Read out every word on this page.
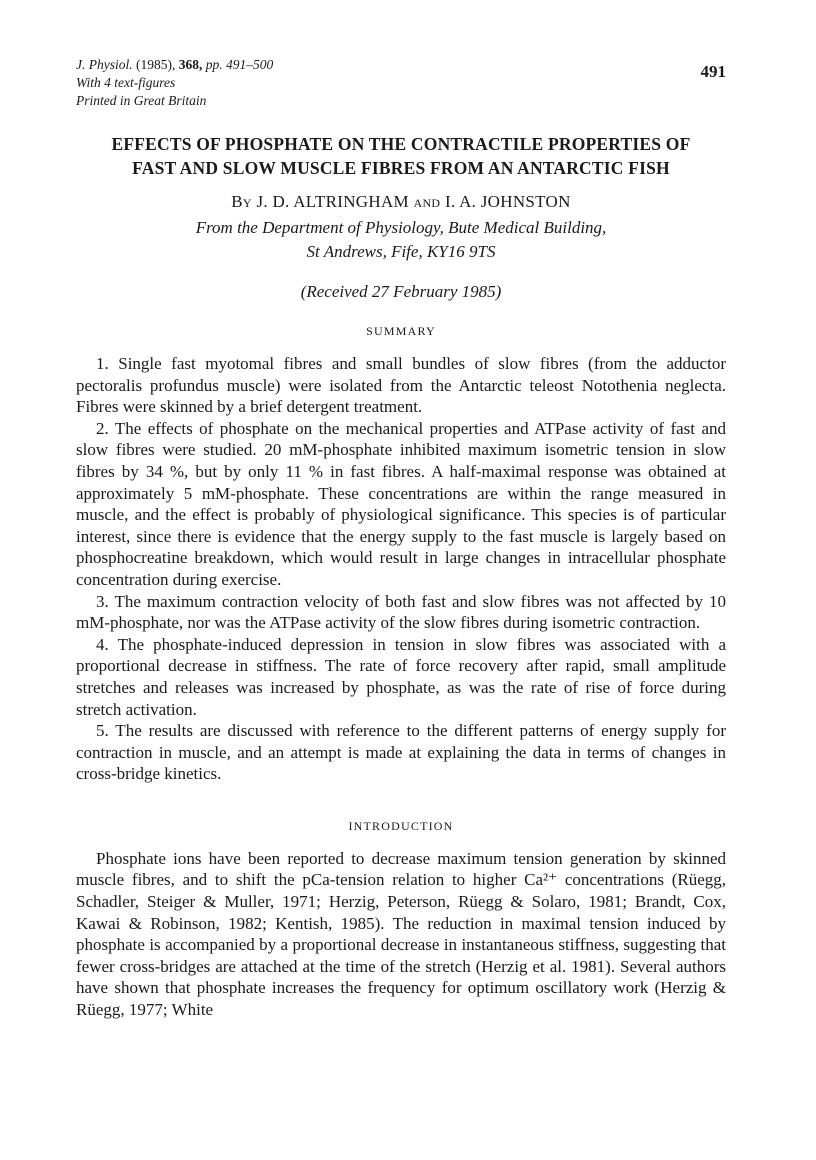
J. Physiol. (1985), 368, pp. 491–500
With 4 text-figures
Printed in Great Britain
491
EFFECTS OF PHOSPHATE ON THE CONTRACTILE PROPERTIES OF
FAST AND SLOW MUSCLE FIBRES FROM AN ANTARCTIC FISH
By J. D. ALTRINGHAM and I. A. JOHNSTON
From the Department of Physiology, Bute Medical Building,
St Andrews, Fife, KY16 9TS
(Received 27 February 1985)
SUMMARY

1. Single fast myotomal fibres and small bundles of slow fibres (from the adductor pectoralis profundus muscle) were isolated from the Antarctic teleost Notothenia neglecta. Fibres were skinned by a brief detergent treatment.

2. The effects of phosphate on the mechanical properties and ATPase activity of fast and slow fibres were studied. 20 mM-phosphate inhibited maximum isometric tension in slow fibres by 34 %, but by only 11 % in fast fibres. A half-maximal response was obtained at approximately 5 mM-phosphate. These concentrations are within the range measured in muscle, and the effect is probably of physiological significance. This species is of particular interest, since there is evidence that the energy supply to the fast muscle is largely based on phosphocreatine breakdown, which would result in large changes in intracellular phosphate concentration during exercise.

3. The maximum contraction velocity of both fast and slow fibres was not affected by 10 mM-phosphate, nor was the ATPase activity of the slow fibres during isometric contraction.

4. The phosphate-induced depression in tension in slow fibres was associated with a proportional decrease in stiffness. The rate of force recovery after rapid, small amplitude stretches and releases was increased by phosphate, as was the rate of rise of force during stretch activation.

5. The results are discussed with reference to the different patterns of energy supply for contraction in muscle, and an attempt is made at explaining the data in terms of changes in cross-bridge kinetics.

INTRODUCTION

Phosphate ions have been reported to decrease maximum tension generation by skinned muscle fibres, and to shift the pCa-tension relation to higher Ca²⁺ concentrations (Rüegg, Schadler, Steiger & Muller, 1971; Herzig, Peterson, Rüegg & Solaro, 1981; Brandt, Cox, Kawai & Robinson, 1982; Kentish, 1985). The reduction in maximal tension induced by phosphate is accompanied by a proportional decrease in instantaneous stiffness, suggesting that fewer cross-bridges are attached at the time of the stretch (Herzig et al. 1981). Several authors have shown that phosphate increases the frequency for optimum oscillatory work (Herzig & Rüegg, 1977; White
